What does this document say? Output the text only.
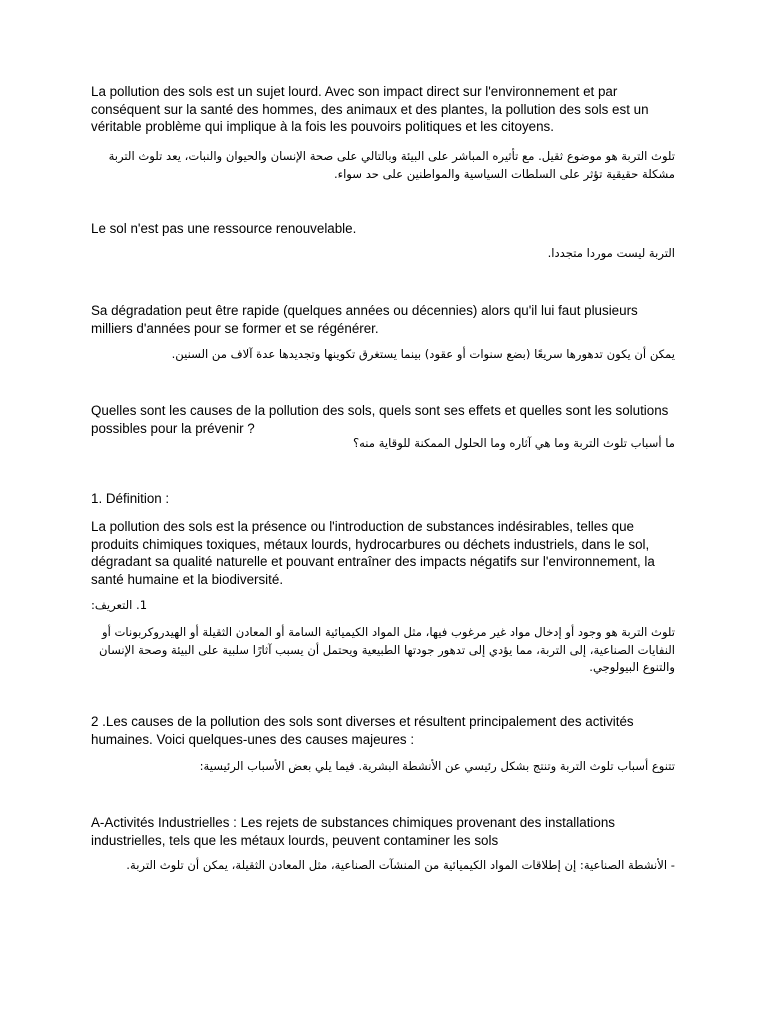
La pollution des sols est un sujet lourd. Avec son impact direct sur l'environnement et par conséquent sur la santé des hommes, des animaux et des plantes, la pollution des sols est un véritable problème qui implique à la fois les pouvoirs politiques et les citoyens.

تلوث التربة هو موضوع ثقيل. مع تأثيره المباشر على البيئة وبالتالي على صحة الإنسان والحيوان والنبات، يعد تلوث التربة مشكلة حقيقية تؤثر على السلطات السياسية والمواطنين على حد سواء.

Le sol n'est pas une ressource renouvelable.

التربة ليست موردا متجددا.

Sa dégradation peut être rapide (quelques années ou décennies) alors qu'il lui faut plusieurs milliers d'années pour se former et se régénérer.

يمكن أن يكون تدهورها سريعًا (بضع سنوات أو عقود) بينما يستغرق تكوينها وتجديدها عدة آلاف من السنين.

Quelles sont les causes de la pollution des sols, quels sont ses effets et quelles sont les solutions possibles pour la prévenir ?

ما أسباب تلوث التربة وما هي آثاره وما الحلول الممكنة للوقاية منه؟

1. Définition :

La pollution des sols est la présence ou l'introduction de substances indésirables, telles que produits chimiques toxiques, métaux lourds, hydrocarbures ou déchets industriels, dans le sol, dégradant sa qualité naturelle et pouvant entraîner des impacts négatifs sur l'environnement, la santé humaine et la biodiversité.

1. التعريف:

تلوث التربة هو وجود أو إدخال مواد غير مرغوب فيها، مثل المواد الكيميائية السامة أو المعادن الثقيلة أو الهيدروكربونات أو النفايات الصناعية، إلى التربة، مما يؤدي إلى تدهور جودتها الطبيعية ويحتمل أن يسبب آثارًا سلبية على البيئة وصحة الإنسان والتنوع البيولوجي.

2 .Les causes de la pollution des sols sont diverses et résultent principalement des activités humaines. Voici quelques-unes des causes majeures :

تتنوع أسباب تلوث التربة وتنتج بشكل رئيسي عن الأنشطة البشرية. فيما يلي بعض الأسباب الرئيسية:

A-Activités Industrielles : Les rejets de substances chimiques provenant des installations industrielles, tels que les métaux lourds, peuvent contaminer les sols

- الأنشطة الصناعية: إن إطلاقات المواد الكيميائية من المنشآت الصناعية، مثل المعادن الثقيلة، يمكن أن تلوث التربة.
